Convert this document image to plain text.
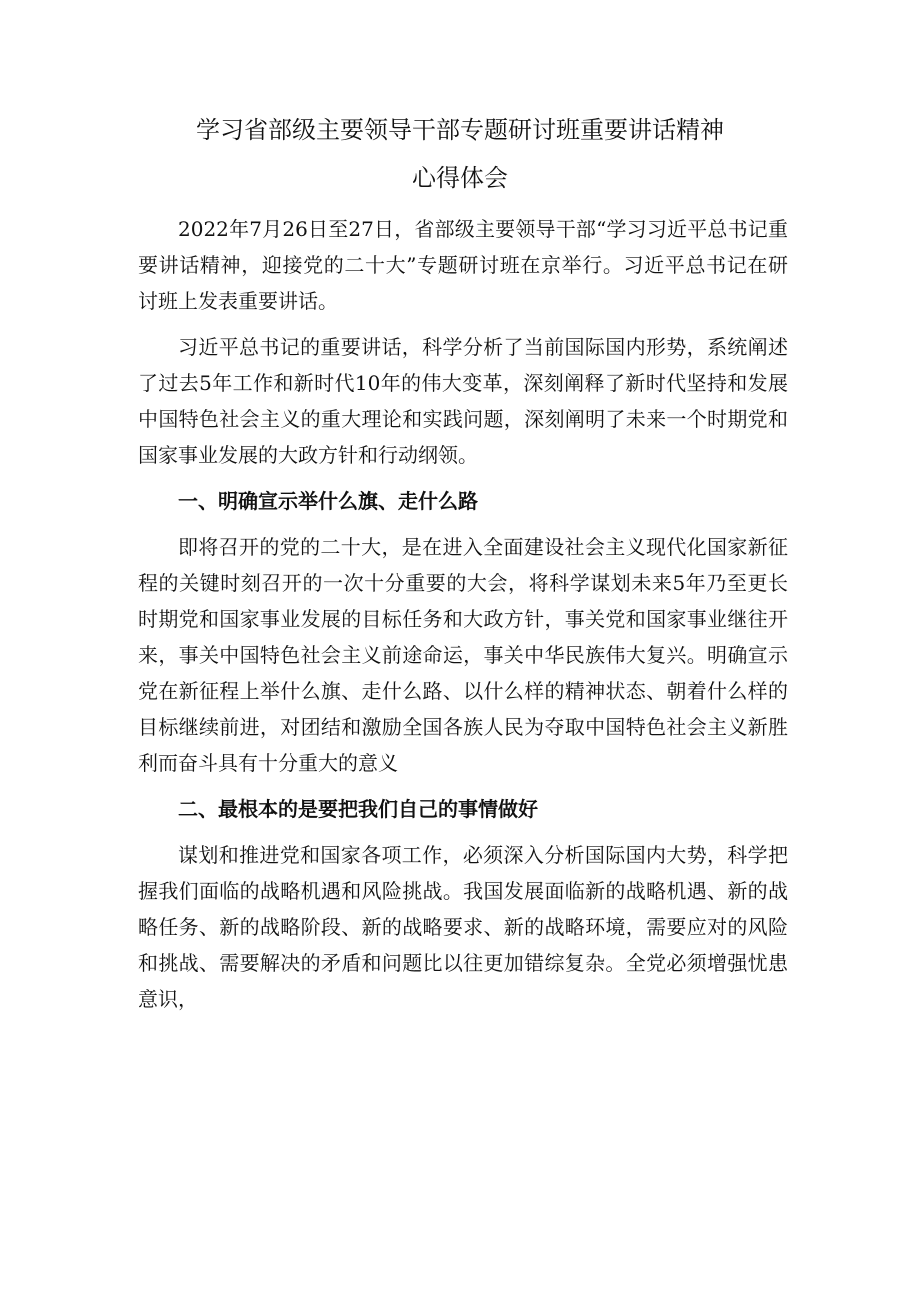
学习省部级主要领导干部专题研讨班重要讲话精神
心得体会

2022年7月26日至27日，省部级主要领导干部“学习习近平总书记重要讲话精神，迎接党的二十大”专题研讨班在京举行。习近平总书记在研讨班上发表重要讲话。

习近平总书记的重要讲话，科学分析了当前国际国内形势，系统阐述了过去5年工作和新时代10年的伟大变革，深刻阐释了新时代坚持和发展中国特色社会主义的重大理论和实践问题，深刻阐明了未来一个时期党和国家事业发展的大政方针和行动纲领。

一、明确宣示举什么旗、走什么路

即将召开的党的二十大，是在进入全面建设社会主义现代化国家新征程的关键时刻召开的一次十分重要的大会，将科学谋划未来5年乃至更长时期党和国家事业发展的目标任务和大政方针，事关党和国家事业继往开来，事关中国特色社会主义前途命运，事关中华民族伟大复兴。明确宣示党在新征程上举什么旗、走什么路、以什么样的精神状态、朝着什么样的目标继续前进，对团结和激励全国各族人民为夺取中国特色社会主义新胜利而奋斗具有十分重大的意义

二、最根本的是要把我们自己的事情做好

谋划和推进党和国家各项工作，必须深入分析国际国内大势，科学把握我们面临的战略机遇和风险挑战。我国发展面临新的战略机遇、新的战略任务、新的战略阶段、新的战略要求、新的战略环境，需要应对的风险和挑战、需要解决的矛盾和问题比以往更加错综复杂。全党必须增强忧患意识，
